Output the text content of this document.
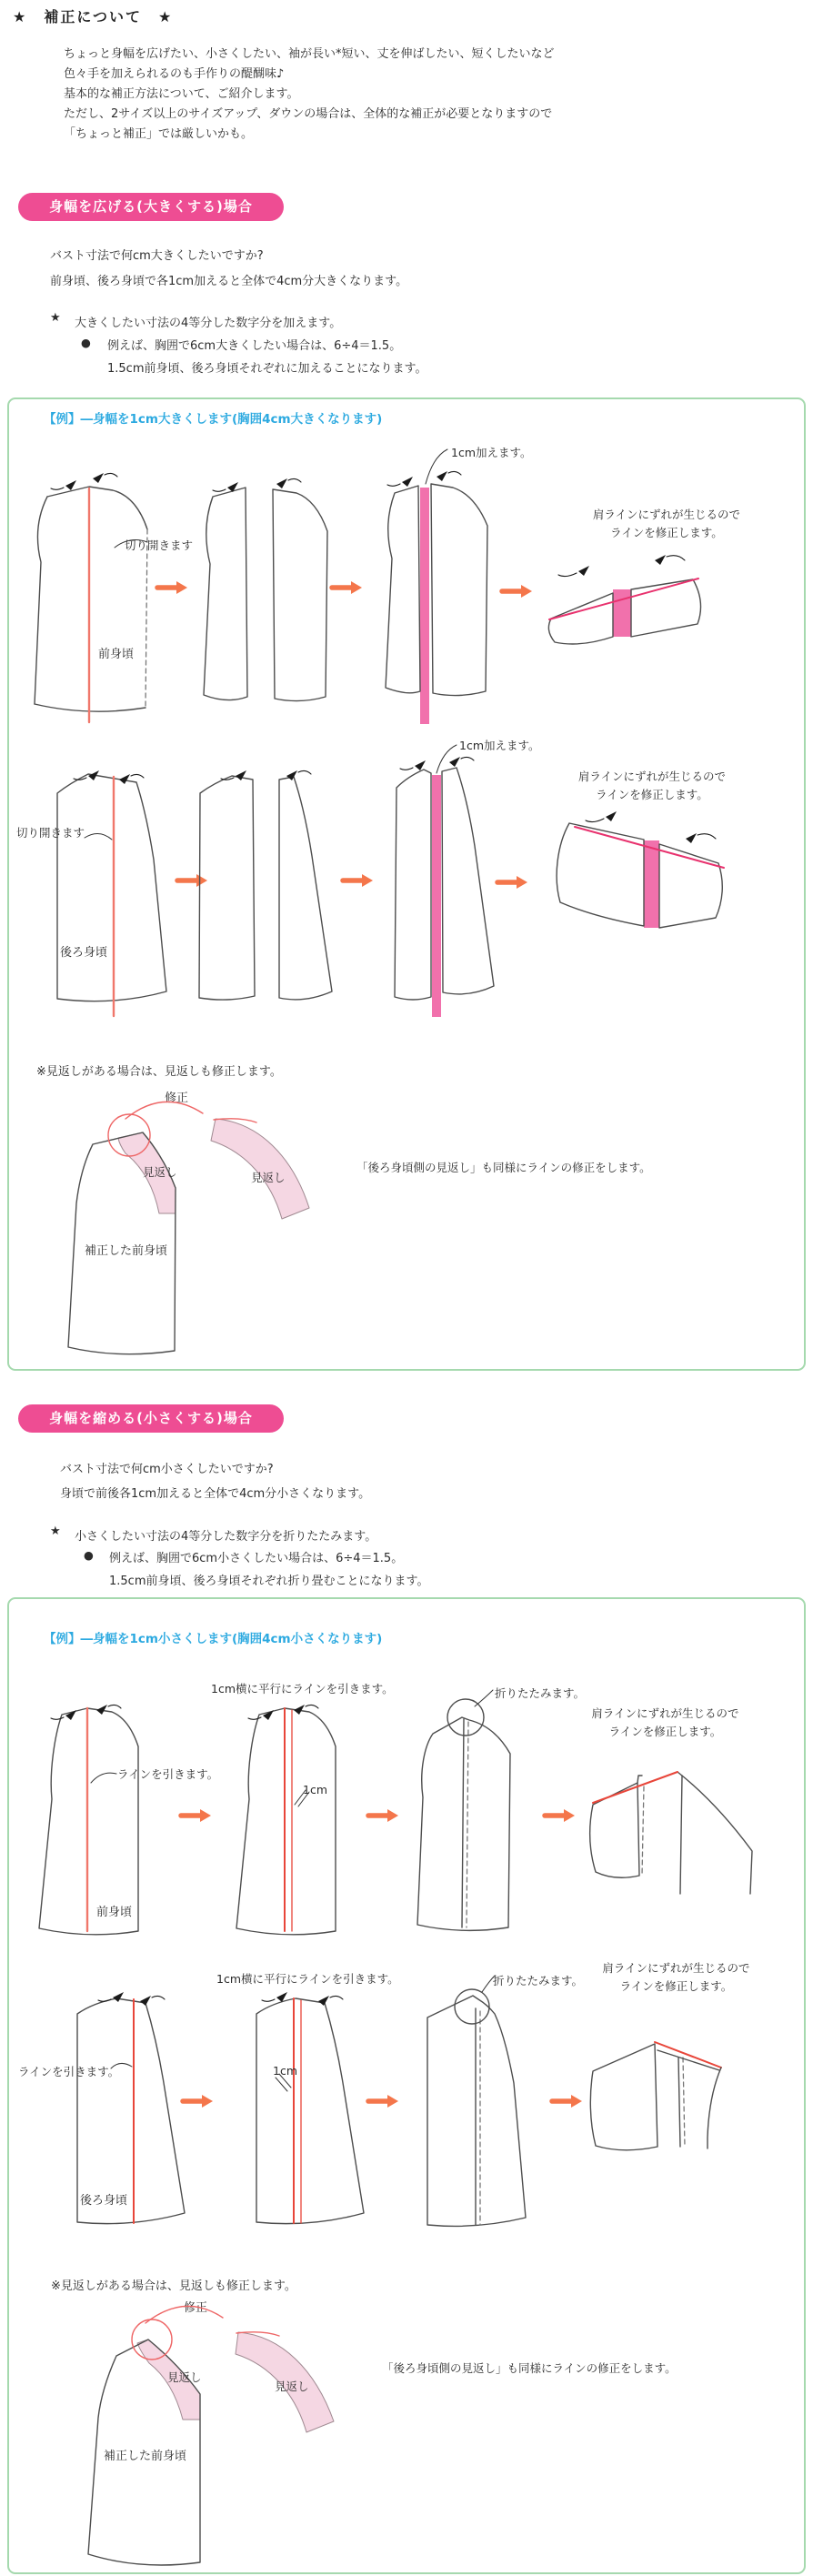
★　補正について　★
ちょっと身幅を広げたい、小さくしたい、袖が長い*短い、丈を伸ばしたい、短くしたいなど
色々手を加えられるのも手作りの醍醐味♪
基本的な補正方法について、ご紹介します。
ただし、2サイズ以上のサイズアップ、ダウンの場合は、全体的な補正が必要となりますので
「ちょっと補正」では厳しいかも。
身幅を広げる(大きくする)場合
バスト寸法で何cm大きくしたいですか?
前身頃、後ろ身頃で各1cm加えると全体で4cm分大きくなります。
★ 大きくしたい寸法の4等分した数字分を加えます。
● 例えば、胸囲で6cm大きくしたい場合は、6÷4＝1.5。
1.5cm前身頃、後ろ身頃それぞれに加えることになります。
【例】―身幅を1cm大きくします(胸囲4cm大きくなります)
切り開きます
前身頃
1cm加えます。
肩ラインにずれが生じるので
ラインを修正します。
切り開きます
後ろ身頃
1cm加えます。
肩ラインにずれが生じるので
ラインを修正します。
※見返しがある場合は、見返しも修正します。
修正
見返し	見返し
補正した前身頃
「後ろ身頃側の見返し」も同様にラインの修正をします。
身幅を縮める(小さくする)場合
バスト寸法で何cm小さくしたいですか?
身頃で前後各1cm加えると全体で4cm分小さくなります。
★ 小さくしたい寸法の4等分した数字分を折りたたみます。
● 例えば、胸囲で6cm小さくしたい場合は、6÷4＝1.5。
1.5cm前身頃、後ろ身頃それぞれ折り畳むことになります。
【例】―身幅を1cm小さくします(胸囲4cm小さくなります)
1cm横に平行にラインを引きます。	折りたたみます。
肩ラインにずれが生じるので
ラインを修正します。
ラインを引きます。
前身頃
1cm
1cm横に平行にラインを引きます。	折りたたみます。
肩ラインにずれが生じるので
ラインを修正します。
ラインを引きます。
後ろ身頃
1cm
※見返しがある場合は、見返しも修正します。
修正
見返し
見返し
補正した前身頃
「後ろ身頃側の見返し」も同様にラインの修正をします。
